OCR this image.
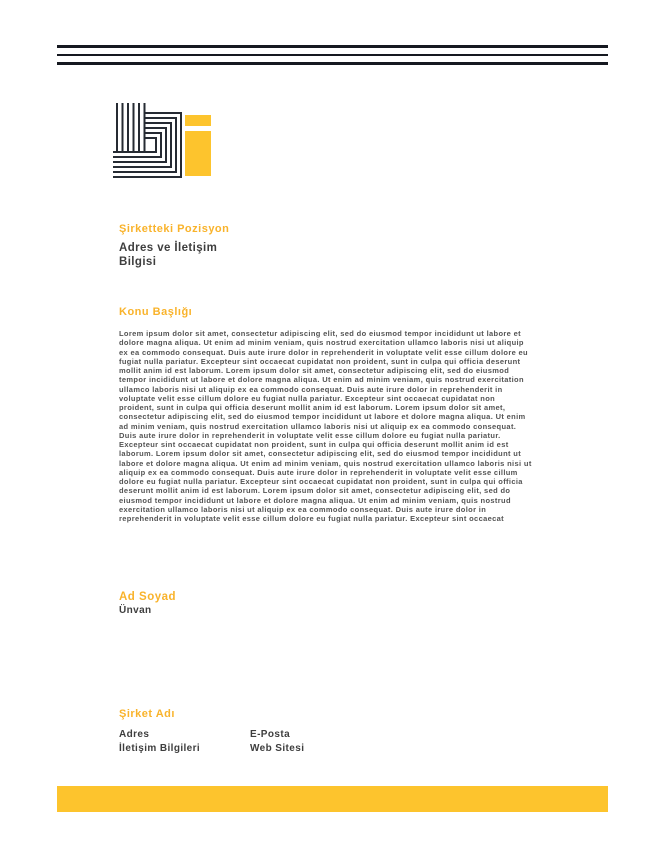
Şirketteki Pozisyon
Adres ve İletişim
Bilgisi
Konu Başlığı
Lorem ipsum dolor sit amet, consectetur adipiscing elit, sed do eiusmod tempor incididunt ut labore et
dolore magna aliqua. Ut enim ad minim veniam, quis nostrud exercitation ullamco laboris nisi ut aliquip
ex ea commodo consequat. Duis aute irure dolor in reprehenderit in voluptate velit esse cillum dolore eu
fugiat nulla pariatur. Excepteur sint occaecat cupidatat non proident, sunt in culpa qui officia deserunt
mollit anim id est laborum. Lorem ipsum dolor sit amet, consectetur adipiscing elit, sed do eiusmod
tempor incididunt ut labore et dolore magna aliqua. Ut enim ad minim veniam, quis nostrud exercitation
ullamco laboris nisi ut aliquip ex ea commodo consequat. Duis aute irure dolor in reprehenderit in
voluptate velit esse cillum dolore eu fugiat nulla pariatur. Excepteur sint occaecat cupidatat non
proident, sunt in culpa qui officia deserunt mollit anim id est laborum. Lorem ipsum dolor sit amet,
consectetur adipiscing elit, sed do eiusmod tempor incididunt ut labore et dolore magna aliqua. Ut enim
ad minim veniam, quis nostrud exercitation ullamco laboris nisi ut aliquip ex ea commodo consequat.
Duis aute irure dolor in reprehenderit in voluptate velit esse cillum dolore eu fugiat nulla pariatur.
Excepteur sint occaecat cupidatat non proident, sunt in culpa qui officia deserunt mollit anim id est
laborum. Lorem ipsum dolor sit amet, consectetur adipiscing elit, sed do eiusmod tempor incididunt ut
labore et dolore magna aliqua. Ut enim ad minim veniam, quis nostrud exercitation ullamco laboris nisi ut
aliquip ex ea commodo consequat. Duis aute irure dolor in reprehenderit in voluptate velit esse cillum
dolore eu fugiat nulla pariatur. Excepteur sint occaecat cupidatat non proident, sunt in culpa qui officia
deserunt mollit anim id est laborum. Lorem ipsum dolor sit amet, consectetur adipiscing elit, sed do
eiusmod tempor incididunt ut labore et dolore magna aliqua. Ut enim ad minim veniam, quis nostrud
exercitation ullamco laboris nisi ut aliquip ex ea commodo consequat. Duis aute irure dolor in
reprehenderit in voluptate velit esse cillum dolore eu fugiat nulla pariatur. Excepteur sint occaecat
Ad Soyad
Ünvan
Şirket Adı
Adres
İletişim Bilgileri
E-Posta
Web Sitesi
